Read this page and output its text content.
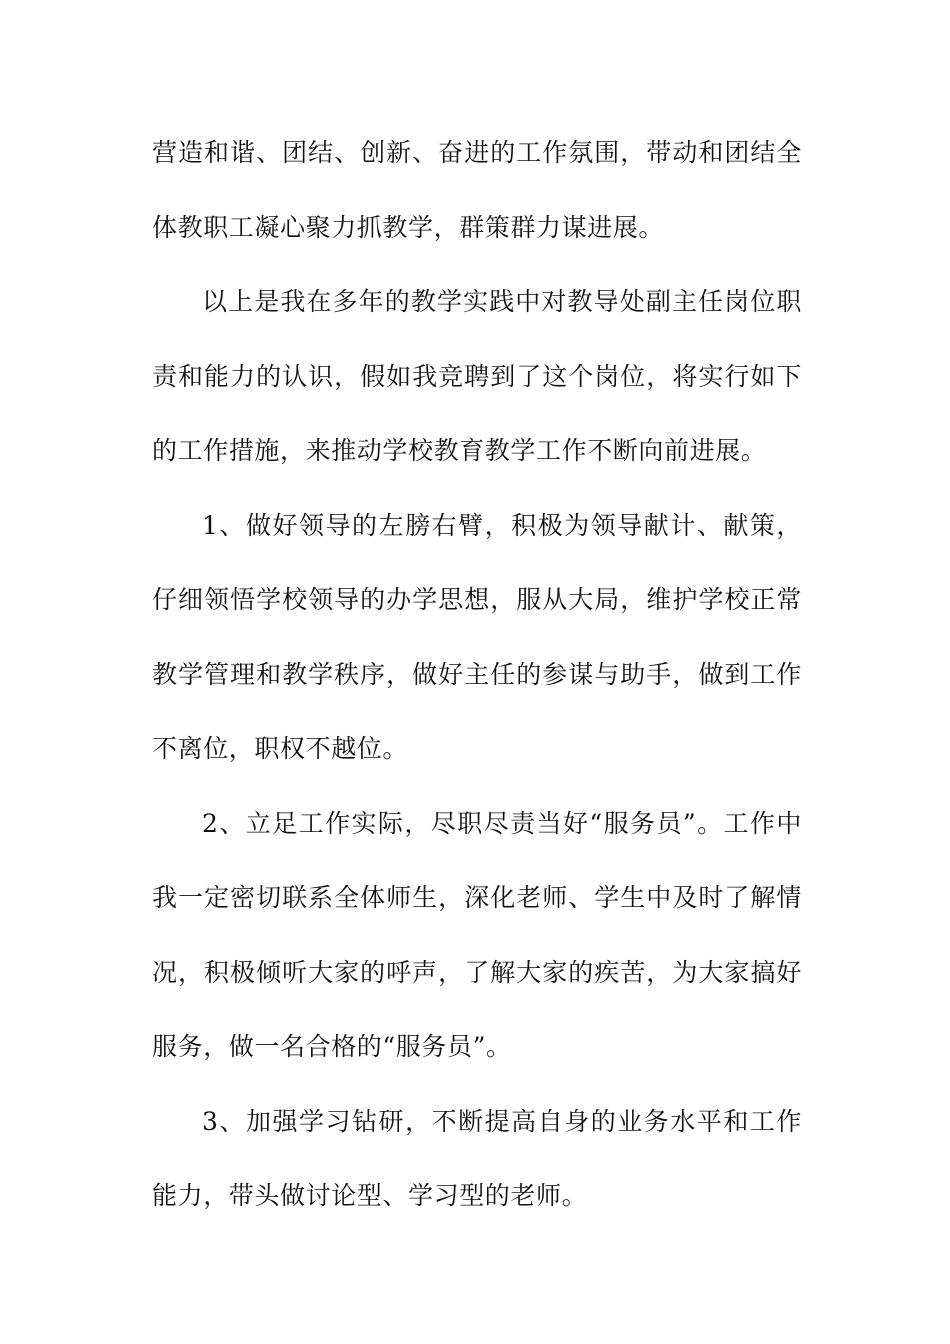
营造和谐、团结、创新、奋进的工作氛围，带动和团结全体教职工凝心聚力抓教学，群策群力谋进展。

以上是我在多年的教学实践中对教导处副主任岗位职责和能力的认识，假如我竞聘到了这个岗位，将实行如下的工作措施，来推动学校教育教学工作不断向前进展。

1、做好领导的左膀右臂，积极为领导献计、献策，仔细领悟学校领导的办学思想，服从大局，维护学校正常教学管理和教学秩序，做好主任的参谋与助手，做到工作不离位，职权不越位。

2、立足工作实际，尽职尽责当好“服务员”。工作中我一定密切联系全体师生，深化老师、学生中及时了解情况，积极倾听大家的呼声，了解大家的疾苦，为大家搞好服务，做一名合格的“服务员”。

3、加强学习钻研，不断提高自身的业务水平和工作能力，带头做讨论型、学习型的老师。
